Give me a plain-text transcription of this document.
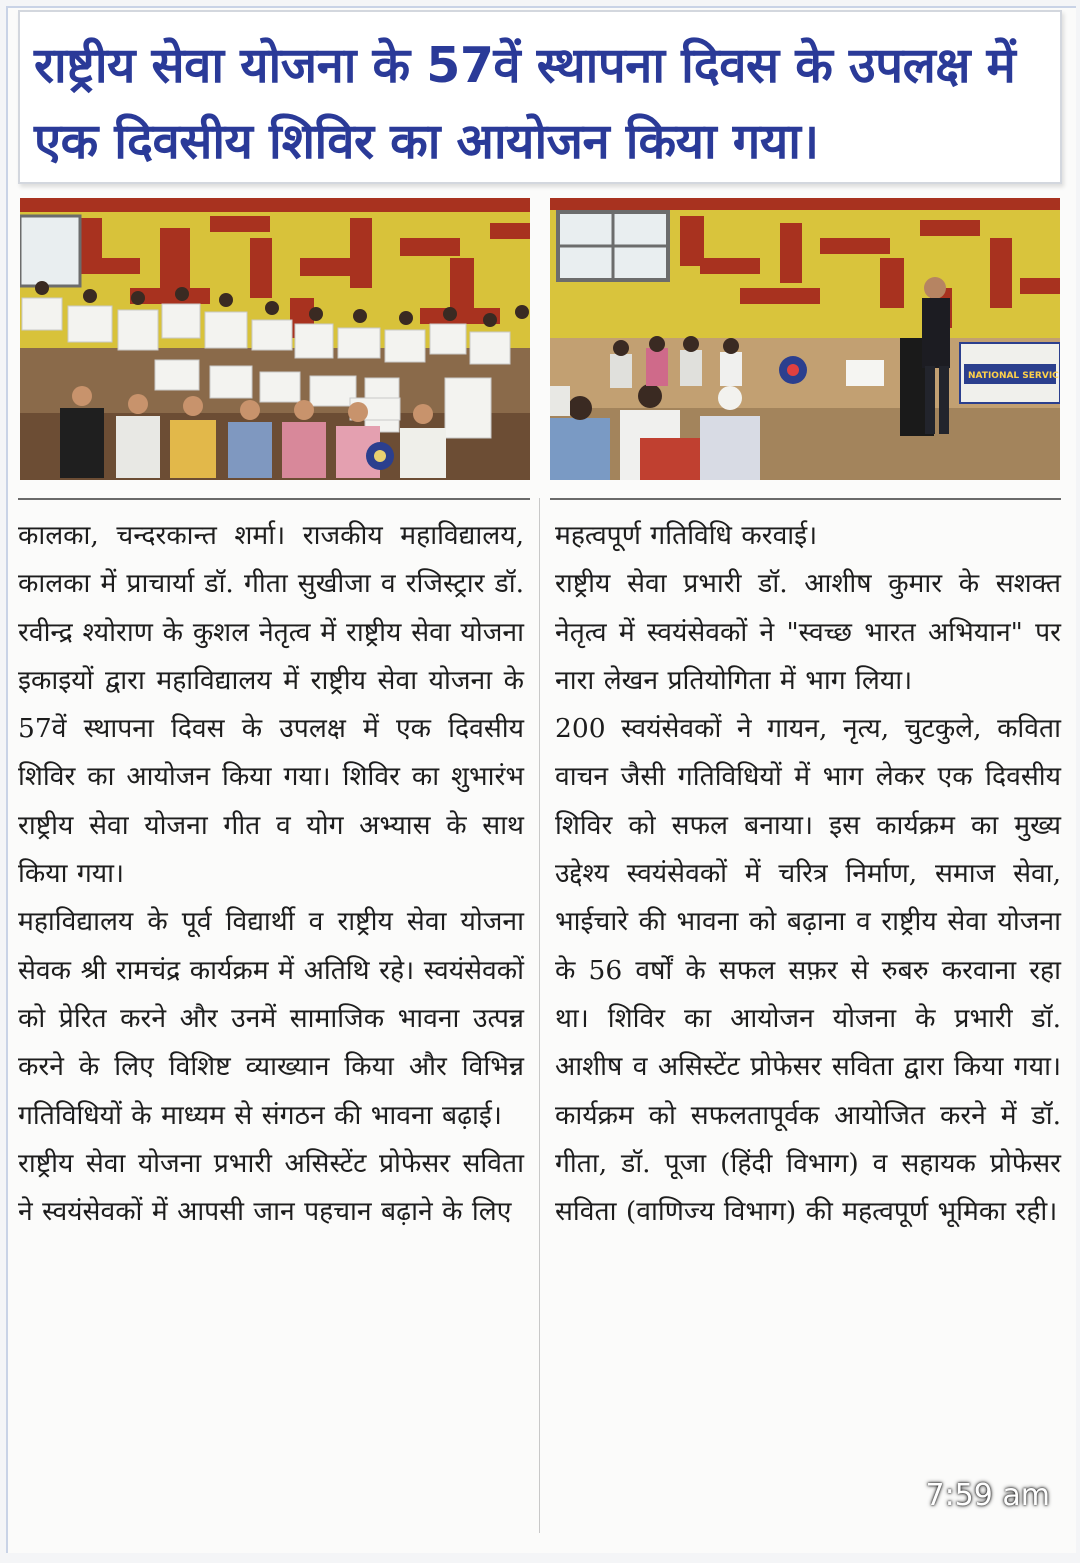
राष्ट्रीय सेवा योजना के 57वें स्थापना दिवस के उपलक्ष में एक दिवसीय शिविर का आयोजन किया गया।
NATIONAL SERVIC

कालका, चन्दरकान्त शर्मा। राजकीय महाविद्यालय, कालका में प्राचार्या डॉ. गीता सुखीजा व रजिस्ट्रार डॉ. रवीन्द्र श्योराण के कुशल नेतृत्व में राष्ट्रीय सेवा योजना इकाइयों द्वारा महाविद्यालय में राष्ट्रीय सेवा योजना के 57वें स्थापना दिवस के उपलक्ष में एक दिवसीय शिविर का आयोजन किया गया। शिविर का शुभारंभ राष्ट्रीय सेवा योजना गीत व योग अभ्यास के साथ किया गया।

महाविद्यालय के पूर्व विद्यार्थी व राष्ट्रीय सेवा योजना सेवक श्री रामचंद्र कार्यक्रम में अतिथि रहे। स्वयंसेवकों को प्रेरित करने और उनमें सामाजिक भावना उत्पन्न करने के लिए विशिष्ट व्याख्यान किया और विभिन्न गतिविधियों के माध्यम से संगठन की भावना बढ़ाई।

राष्ट्रीय सेवा योजना प्रभारी असिस्टेंट प्रोफेसर सविता ने स्वयंसेवकों में आपसी जान पहचान बढ़ाने के लिए

महत्वपूर्ण गतिविधि करवाई।

राष्ट्रीय सेवा प्रभारी डॉ. आशीष कुमार के सशक्त नेतृत्व में स्वयंसेवकों ने "स्वच्छ भारत अभियान" पर नारा लेखन प्रतियोगिता में भाग लिया।

200 स्वयंसेवकों ने गायन, नृत्य, चुटकुले, कविता वाचन जैसी गतिविधियों में भाग लेकर एक दिवसीय शिविर को सफल बनाया। इस कार्यक्रम का मुख्य उद्देश्य स्वयंसेवकों में चरित्र निर्माण, समाज सेवा, भाईचारे की भावना को बढ़ाना व राष्ट्रीय सेवा योजना के 56 वर्षों के सफल सफ़र से रुबरु करवाना रहा था। शिविर का आयोजन योजना के प्रभारी डॉ. आशीष व असिस्टेंट प्रोफेसर सविता द्वारा किया गया। कार्यक्रम को सफलतापूर्वक आयोजित करने में डॉ. गीता, डॉ. पूजा (हिंदी विभाग) व सहायक प्रोफेसर सविता (वाणिज्य विभाग) की महत्वपूर्ण भूमिका रही।

7:59 am
